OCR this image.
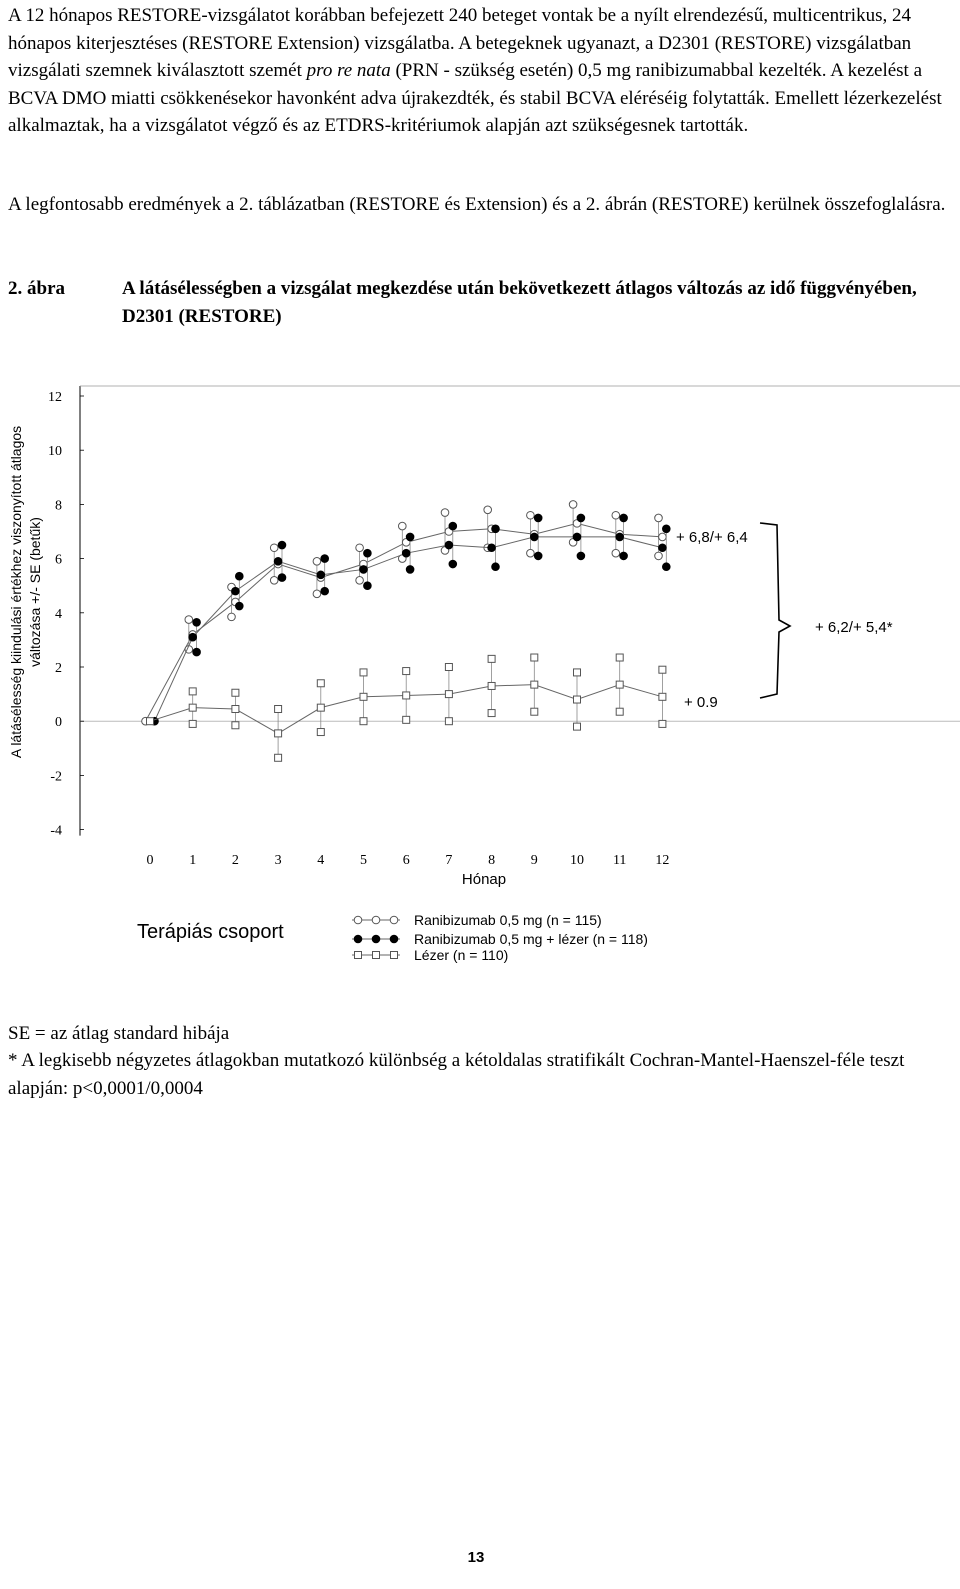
A 12 hónapos RESTORE-vizsgálatot korábban befejezett 240 beteget vontak be a nyílt elrendezésű, multicentrikus, 24 hónapos kiterjesztéses (RESTORE Extension) vizsgálatba. A betegeknek ugyanazt, a D2301 (RESTORE) vizsgálatban vizsgálati szemnek kiválasztott szemét pro re nata (PRN - szükség esetén) 0,5 mg ranibizumabbal kezelték. A kezelést a BCVA DMO miatti csökkenésekor havonként adva újrakezdték, és stabil BCVA eléréséig folytatták. Emellett lézerkezelést alkalmaztak, ha a vizsgálatot végző és az ETDRS-kritériumok alapján azt szükségesnek tartották.

A legfontosabb eredmények a 2. táblázatban (RESTORE és Extension) és a 2. ábrán (RESTORE) kerülnek összefoglalásra.

2. ábra	A látásélességben a vizsgálat megkezdése után bekövetkezett átlagos változás az idő függvényében, D2301 (RESTORE)
12
10
8
6
4
2
0
-2
-4
0	1	2	3	4	5	6	7	8	9 10 11 12
Hónap
A látásélesség kiindulási értékhez viszonyított átlagos változása +/- SE (betűk)	+ 6,8/+ 6,4
+ 0.9
+ 6,2/+ 5,4*
Terápiás csoport
Ranibizumab 0,5 mg (n = 115)
Ranibizumab 0,5 mg + lézer (n = 118)
Lézer (n = 110)
SE = az átlag standard hibája
* A legkisebb négyzetes átlagokban mutatkozó különbség a kétoldalas stratifikált Cochran-Mantel-Haenszel-féle teszt alapján: p<0,0001/0,0004
13
